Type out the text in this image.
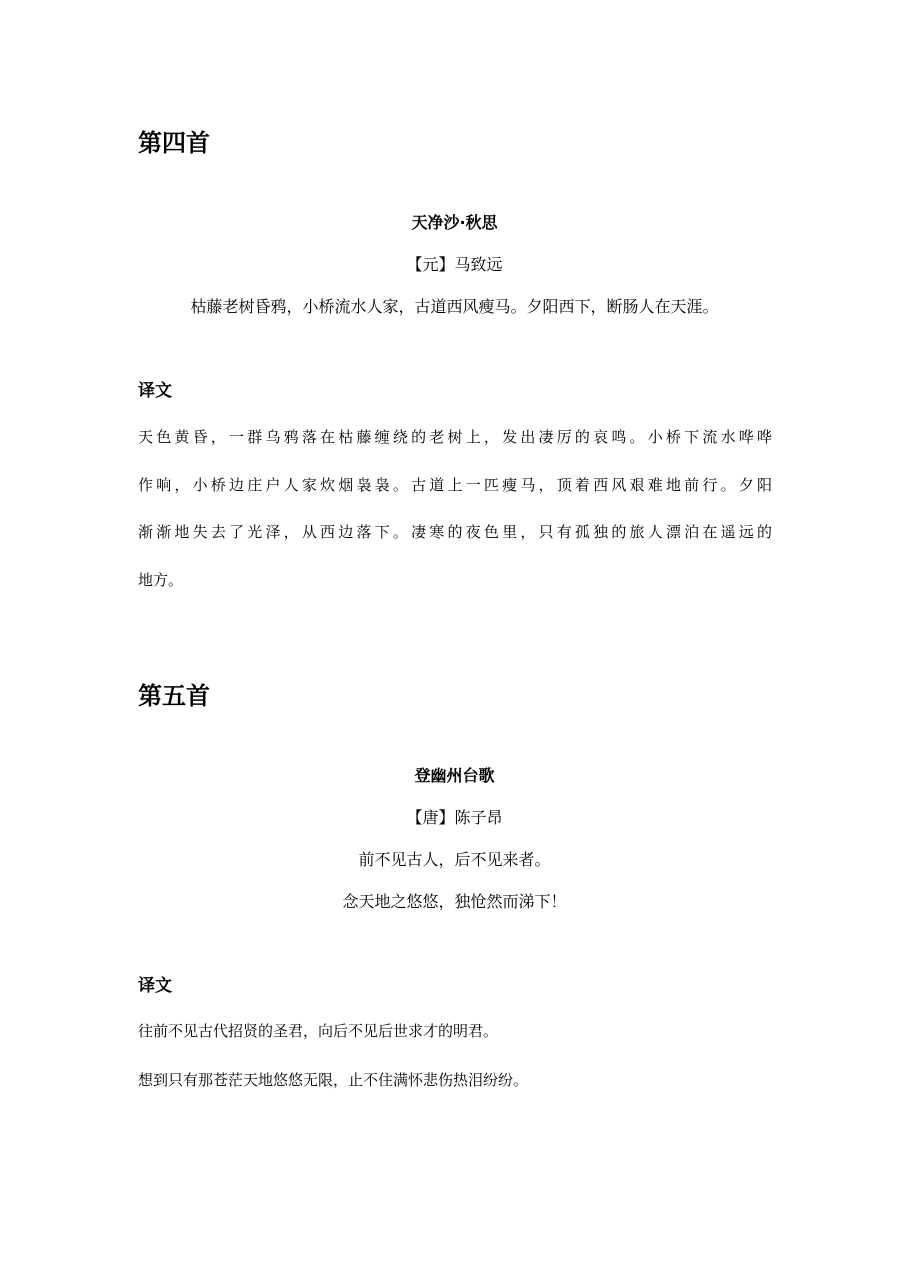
第四首
天净沙·秋思
【元】马致远
枯藤老树昏鸦，小桥流水人家，古道西风瘦马。夕阳西下，断肠人在天涯。
译文
天色黄昏，一群乌鸦落在枯藤缠绕的老树上，发出凄厉的哀鸣。小桥下流水哗哗
作响，小桥边庄户人家炊烟袅袅。古道上一匹瘦马，顶着西风艰难地前行。夕阳
渐渐地失去了光泽，从西边落下。凄寒的夜色里，只有孤独的旅人漂泊在遥远的
地方。
第五首
登幽州台歌
【唐】陈子昂
前不见古人，后不见来者。
念天地之悠悠，独怆然而涕下！
译文
往前不见古代招贤的圣君，向后不见后世求才的明君。
想到只有那苍茫天地悠悠无限，止不住满怀悲伤热泪纷纷。
